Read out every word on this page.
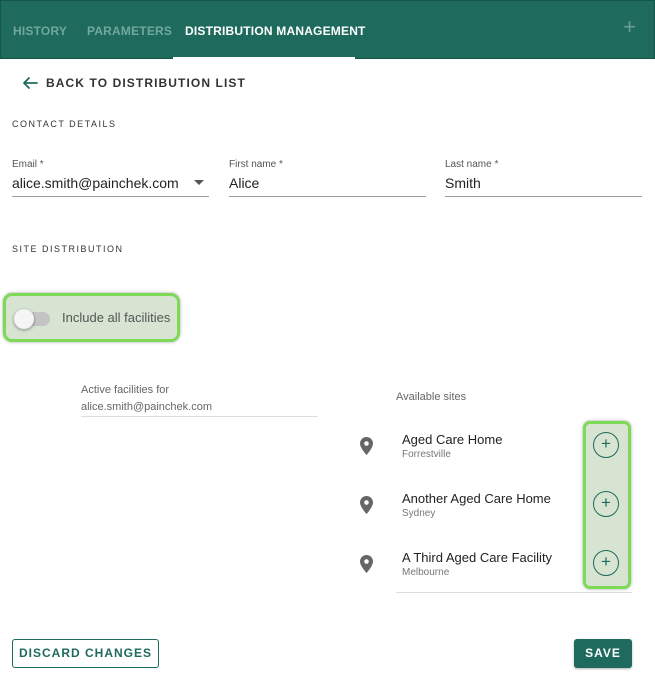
HISTORY PARAMETERS DISTRIBUTION MANAGEMENT	+
BACK TO DISTRIBUTION LIST
CONTACT DETAILS
Email *
alice.smith@painchek.com
First name *
Alice
Last name *
Smith
SITE DISTRIBUTION
Include all facilities
Active facilities for
alice.smith@painchek.com
Available sites
Aged Care Home
Forrestville
Another Aged Care Home
Sydney
A Third Aged Care Facility
Melbourne
+
+
+
DISCARD CHANGES	SAVE
